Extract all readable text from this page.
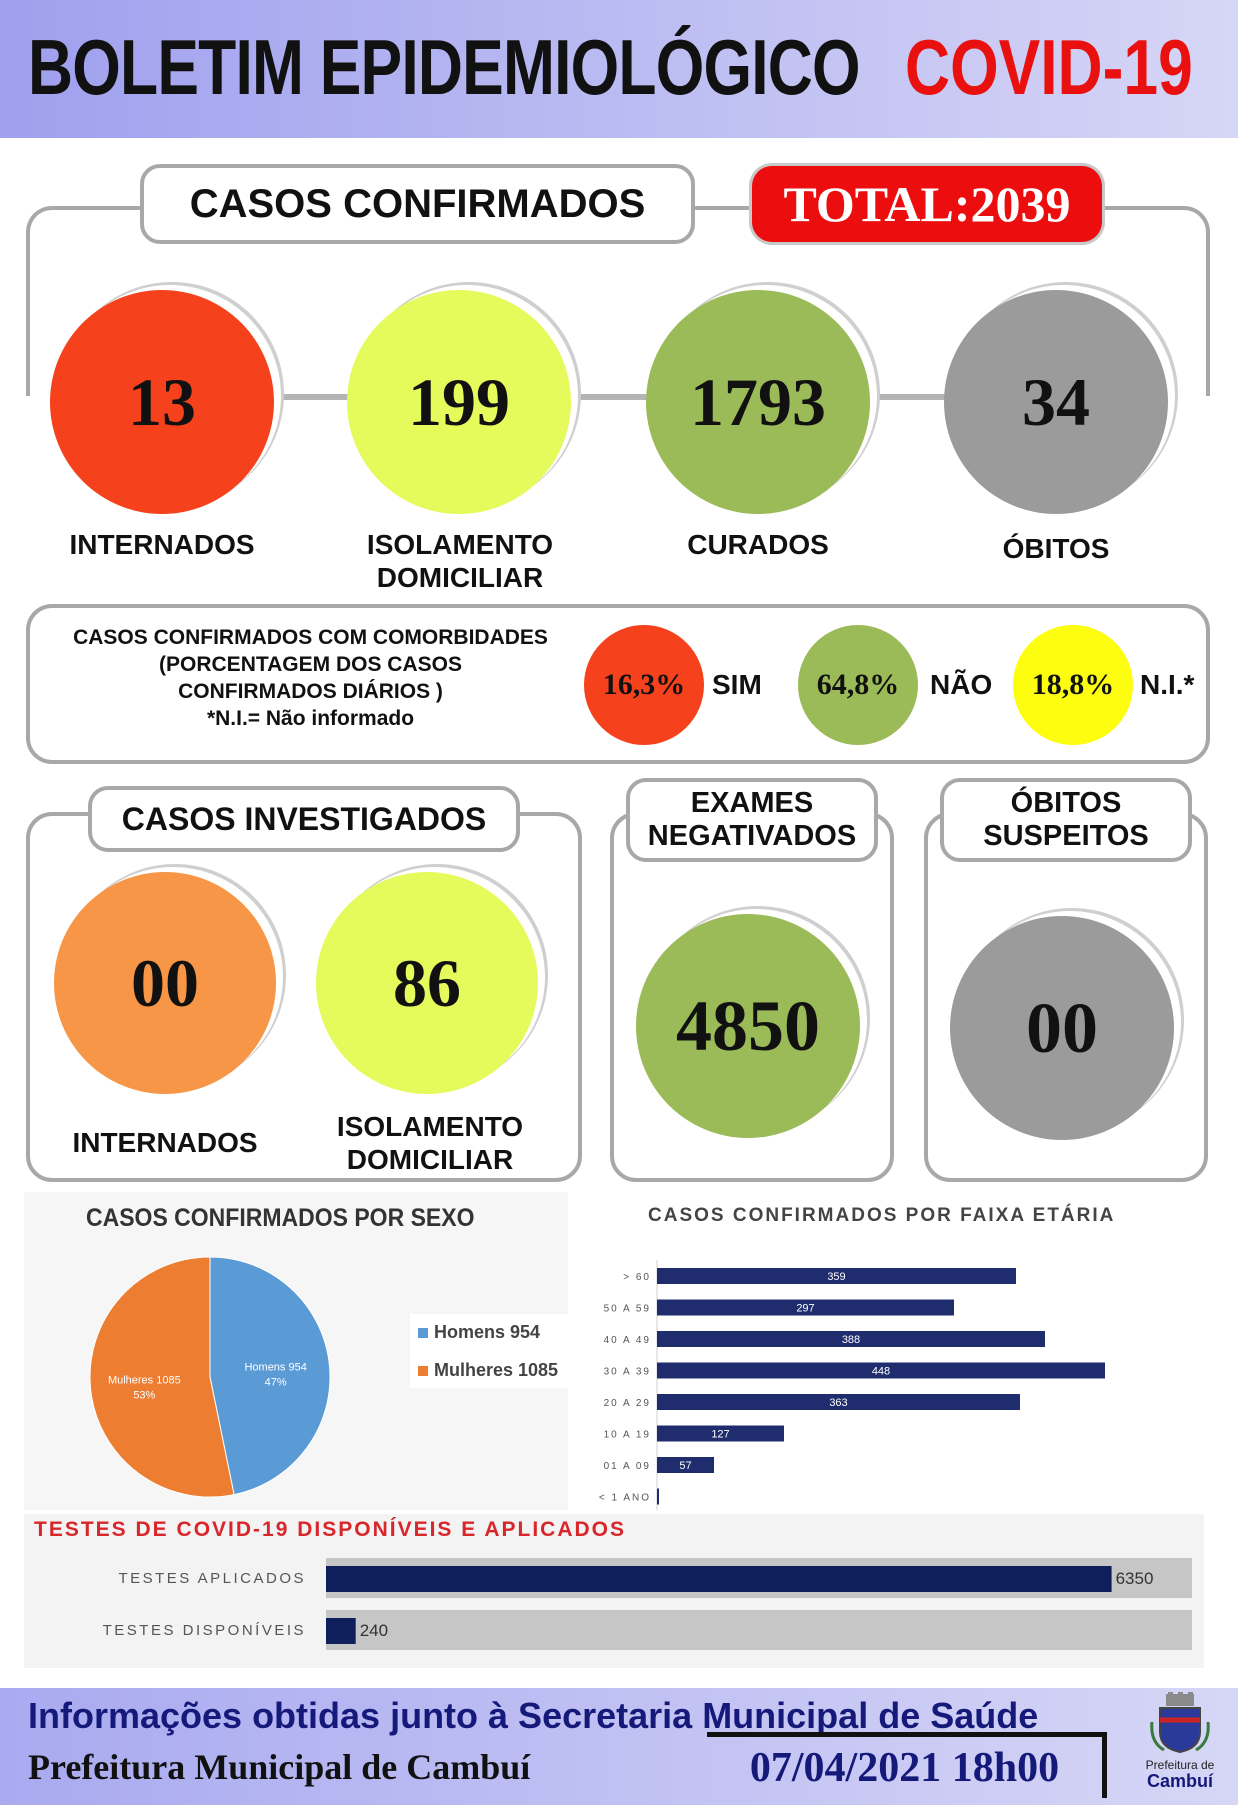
BOLETIM EPIDEMIOLÓGICO COVID-19
CASOS CONFIRMADOS	TOTAL:2039
13
INTERNADOS
199
ISOLAMENTO DOMICILIAR
1793
CURADOS
34
ÓBITOS
CASOS CONFIRMADOS COM COMORBIDADES
(PORCENTAGEM DOS CASOS
CONFIRMADOS DIÁRIOS )
*N.I.= Não informado
16,3% SIM 64,8% NÃO 18,8% N.I.*
CASOS INVESTIGADOS
00	86
INTERNADOS
ISOLAMENTO DOMICILIAR
EXAMES
NEGATIVADOS
4850
ÓBITOS
SUSPEITOS
00
CASOS CONFIRMADOS POR SEXO
Homens 954
47%
Mulheres 1085
53%
Homens 954
Mulheres 1085
CASOS CONFIRMADOS POR FAIXA ETÁRIA
> 60	359
50 A 59	297
40 A 49	388
30 A 39	448
20 A 29	363
10 A 19	127
01 A 09	57
< 1 ANO
TESTES DE COVID-19 DISPONÍVEIS E APLICADOS
TESTES APLICADOS	6350
TESTES DISPONÍVEIS	240
Informações obtidas junto à Secretaria Municipal de Saúde
Prefeitura Municipal de Cambuí	07/04/2021 18h00	Prefeitura de
Cambuí
